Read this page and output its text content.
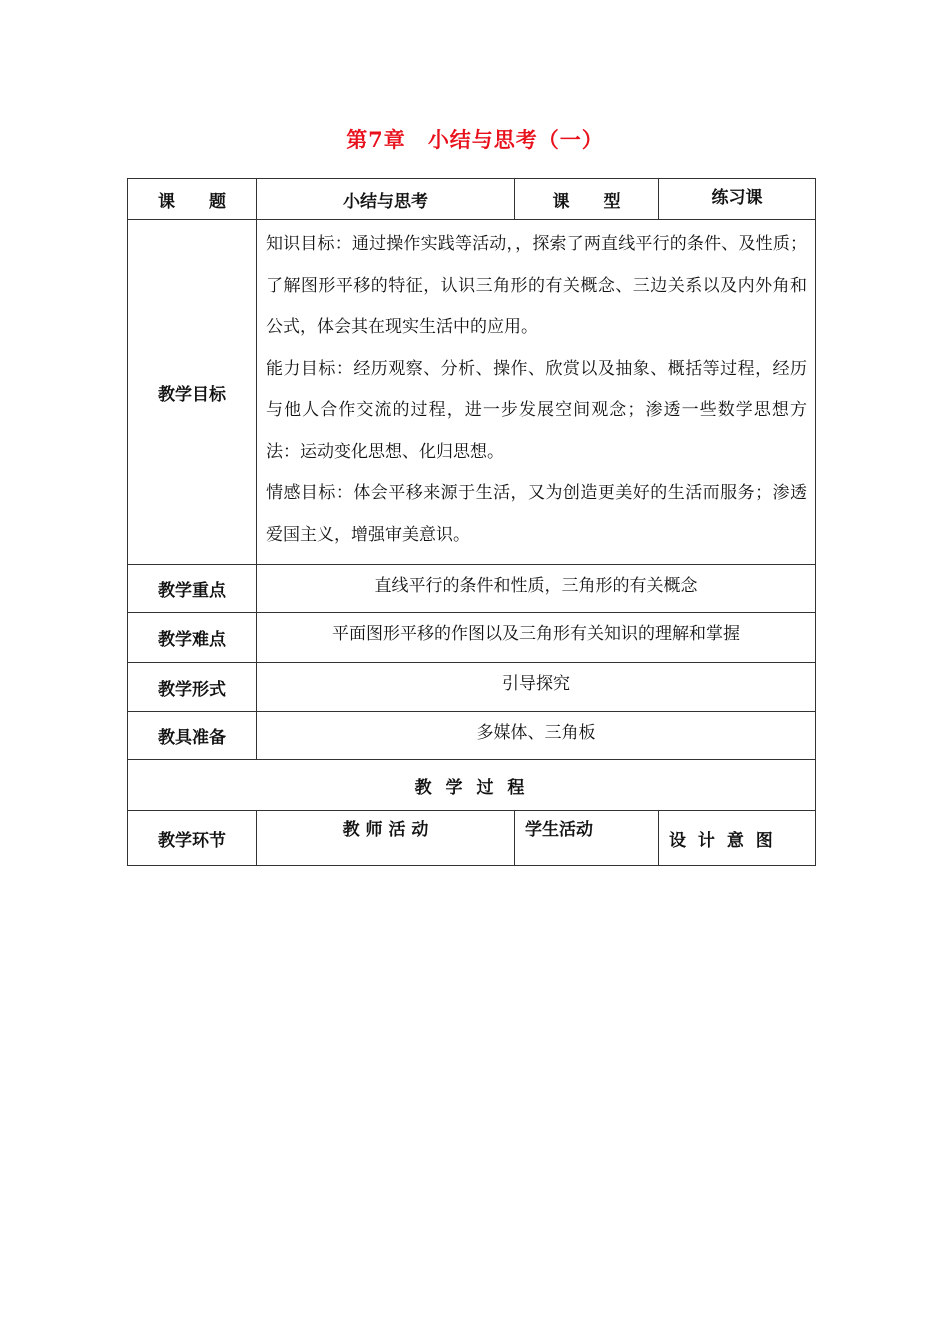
第7章 小结与思考（一）
课　　题	小结与思考	课　　型	练习课
教学目标	知识目标：通过操作实践等活动，，探索了两直线平行的条件、及性质；了解图形平移的特征，认识三角形的有关概念、三边关系以及内外角和公式，体会其在现实生活中的应用。

能力目标：经历观察、分析、操作、欣赏以及抽象、概括等过程，经历与他人合作交流的过程，进一步发展空间观念；渗透一些数学思想方法：运动变化思想、化归思想。

情感目标：体会平移来源于生活，又为创造更美好的生活而服务；渗透爱国主义，增强审美意识。		

教学重点	直线平行的条件和性质，三角形的有关概念		
教学难点	平面图形平移的作图以及三角形有关知识的理解和掌握		
教学形式	引导探究		
教具准备	多媒体、三角板		
教 学 过 程			
教学环节	教 师 活 动	学生活动	设 计 意 图
